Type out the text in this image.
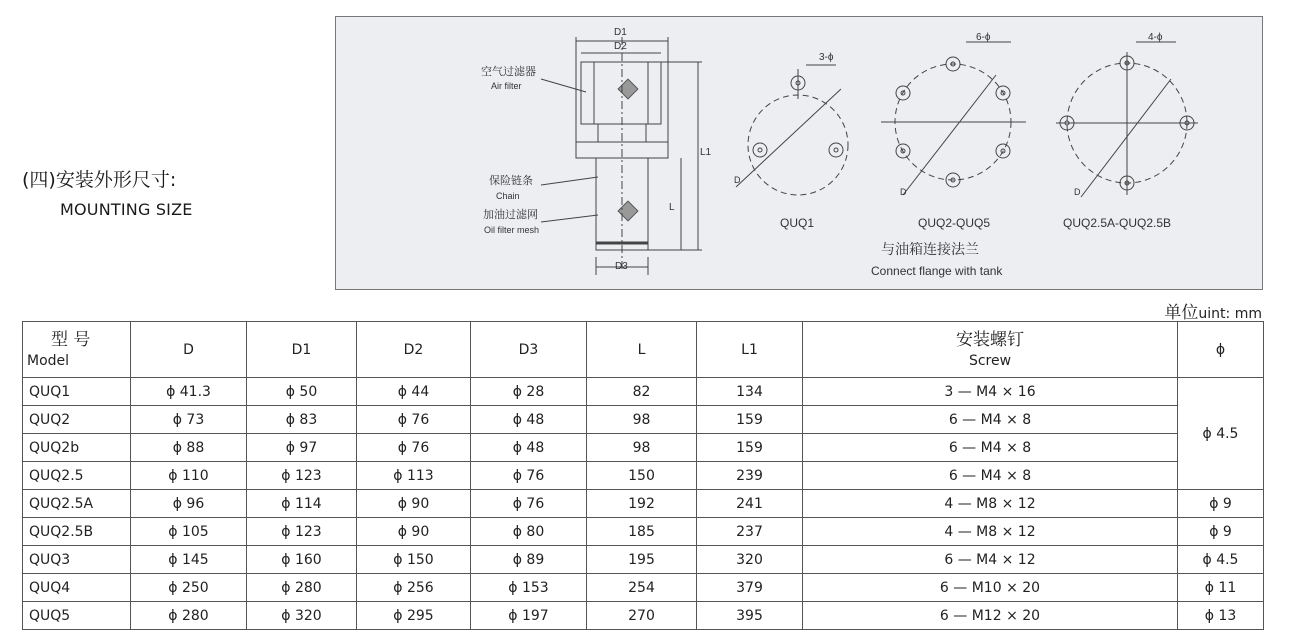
(四)安装外形尺寸:
MOUNTING SIZE
D1
D2
D3
L
L1
空气过滤器
Air filter
保险链条
Chain
加油过滤网
Oil filter mesh
3-ϕ
6-ϕ	4-ϕ
D
D	D
QUQ1	QUQ2-QUQ5	QUQ2.5A-QUQ2.5B
与油箱连接法兰
Connect flange with tank
单位uint: mm
型 号
Model	D	D1	D2	D3	L	L1	安装螺钉
Screw	ϕ
QUQ1	ϕ 41.3	ϕ 50	ϕ 44	ϕ 28	82	134	3 — M4 × 16	ϕ 4.5
QUQ2	ϕ 73	ϕ 83	ϕ 76	ϕ 48	98	159	6 — M4 × 8	
QUQ2b	ϕ 88	ϕ 97	ϕ 76	ϕ 48	98	159	6 — M4 × 8	
QUQ2.5	ϕ 110	ϕ 123	ϕ 113	ϕ 76	150	239	6 — M4 × 8	
QUQ2.5A	ϕ 96	ϕ 114	ϕ 90	ϕ 76	192	241	4 — M8 × 12	ϕ 9
QUQ2.5B	ϕ 105	ϕ 123	ϕ 90	ϕ 80	185	237	4 — M8 × 12	ϕ 9
QUQ3	ϕ 145	ϕ 160	ϕ 150	ϕ 89	195	320	6 — M4 × 12	ϕ 4.5
QUQ4	ϕ 250	ϕ 280	ϕ 256	ϕ 153	254	379	6 — M10 × 20	ϕ 11
QUQ5	ϕ 280	ϕ 320	ϕ 295	ϕ 197	270	395	6 — M12 × 20	ϕ 13
